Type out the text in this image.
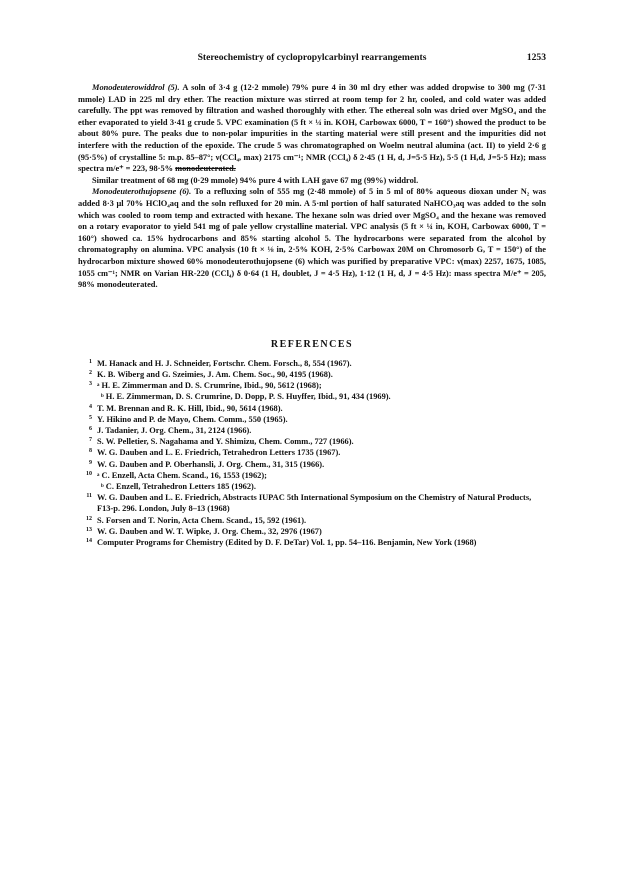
Stereochemistry of cyclopropylcarbinyl rearrangements	1253

Monodeuterowiddrol (5). A soln of 3·4 g (12·2 mmole) 79% pure 4 in 30 ml dry ether was added dropwise to 300 mg (7·31 mmole) LAD in 225 ml dry ether. The reaction mixture was stirred at room temp for 2 hr, cooled, and cold water was added carefully. The ppt was removed by filtration and washed thoroughly with ether. The ethereal soln was dried over MgSO₄ and the ether evaporated to yield 3·41 g crude 5. VPC examination (5 ft × ¼ in. KOH, Carbowax 6000, T = 160°) showed the product to be about 80% pure. The peaks due to non-polar impurities in the starting material were still present and the impurities did not interfere with the reduction of the epoxide. The crude 5 was chromatographed on Woelm neutral alumina (act. II) to yield 2·6 g (95·5%) of crystalline 5: m.p. 85–87°; ν(CCl₄, max) 2175 cm⁻¹; NMR (CCl₄) δ 2·45 (1 H, d, J=5·5 Hz), 5·5 (1 H,d, J=5·5 Hz); mass spectra m/e⁺ = 223, 98·5% monodeuterated.

Similar treatment of 68 mg (0·29 mmole) 94% pure 4 with LAH gave 67 mg (99%) widdrol.

Monodeuterothujopsene (6). To a refluxing soln of 555 mg (2·48 mmole) of 5 in 5 ml of 80% aqueous dioxan under N₂ was added 8·3 μl 70% HClO₄aq and the soln refluxed for 20 min. A 5·ml portion of half saturated NaHCO₃aq was added to the soln which was cooled to room temp and extracted with hexane. The hexane soln was dried over MgSO₄ and the hexane was removed on a rotary evaporator to yield 541 mg of pale yellow crystalline material. VPC analysis (5 ft × ¼ in, KOH, Carbowax 6000, T = 160°) showed ca. 15% hydrocarbons and 85% starting alcohol 5. The hydrocarbons were separated from the alcohol by chromatography on alumina. VPC analysis (10 ft × ⅛ in, 2·5% KOH, 2·5% Carbowax 20M on Chromosorb G, T = 150°) of the hydrocarbon mixture showed 60% monodeuterothujopsene (6) which was purified by preparative VPC: ν(max) 2257, 1675, 1085, 1055 cm⁻¹; NMR on Varian HR-220 (CCl₄) δ 0·64 (1 H, doublet, J = 4·5 Hz), 1·12 (1 H, d, J = 4·5 Hz): mass spectra M/e⁺ = 205, 98% monodeuterated.

REFERENCES
1 M. Hanack and H. J. Schneider, Fortschr. Chem. Forsch., 8, 554 (1967).
2 K. B. Wiberg and G. Szeimies, J. Am. Chem. Soc., 90, 4195 (1968).
3 ᵃ H. E. Zimmerman and D. S. Crumrine, Ibid., 90, 5612 (1968);
ᵇ H. E. Zimmerman, D. S. Crumrine, D. Dopp, P. S. Huyffer, Ibid., 91, 434 (1969).
4 T. M. Brennan and R. K. Hill, Ibid., 90, 5614 (1968).
5 Y. Hikino and P. de Mayo, Chem. Comm., 550 (1965).
6 J. Tadanier, J. Org. Chem., 31, 2124 (1966).
7 S. W. Pelletier, S. Nagahama and Y. Shimizu, Chem. Comm., 727 (1966).
8 W. G. Dauben and L. E. Friedrich, Tetrahedron Letters 1735 (1967).
9 W. G. Dauben and P. Oberhansli, J. Org. Chem., 31, 315 (1966).
10 ᵃ C. Enzell, Acta Chem. Scand., 16, 1553 (1962);
ᵇ C. Enzell, Tetrahedron Letters 185 (1962).
11 W. G. Dauben and L. E. Friedrich, Abstracts IUPAC 5th International Symposium on the Chemistry of Natural Products, F13-p. 296. London, July 8–13 (1968)
12 S. Forsen and T. Norin, Acta Chem. Scand., 15, 592 (1961).
13 W. G. Dauben and W. T. Wipke, J. Org. Chem., 32, 2976 (1967)
14 Computer Programs for Chemistry (Edited by D. F. DeTar) Vol. 1, pp. 54–116. Benjamin, New York (1968)
